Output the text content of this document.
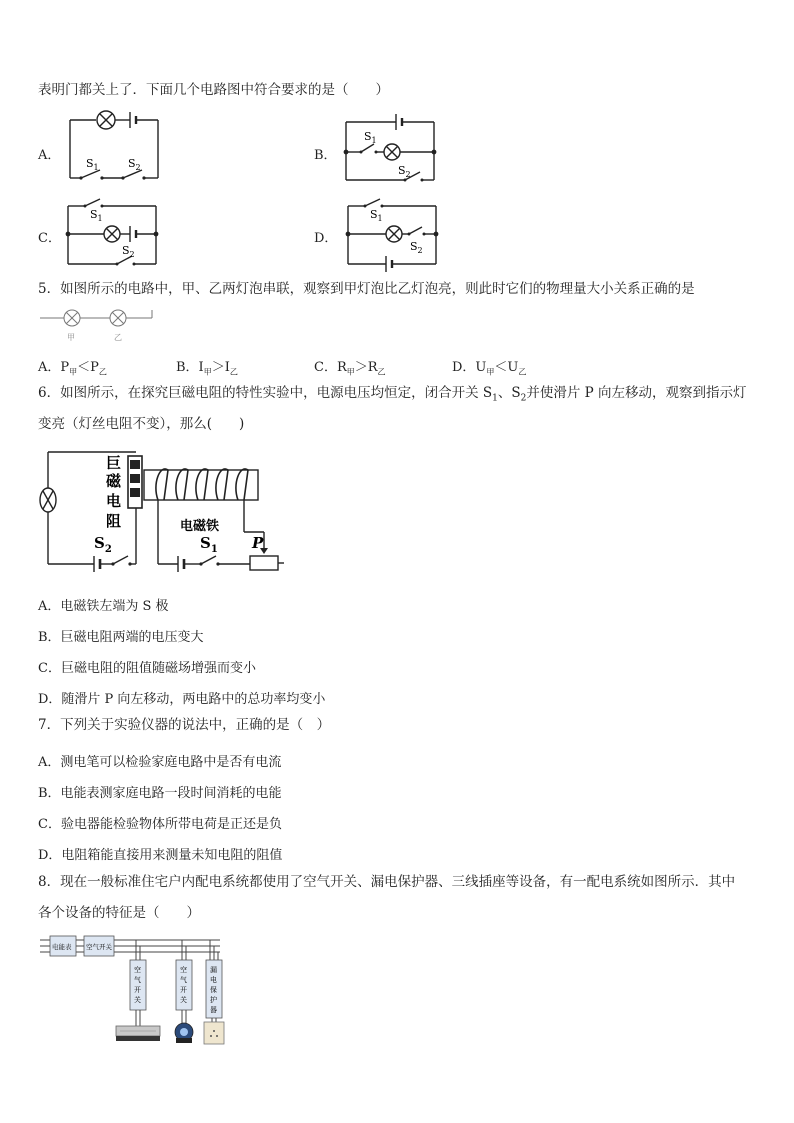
表明门都关上了．下面几个电路图中符合要求的是（　　）
A．	B．
C．	D．
$S_1$	$S_2$
$S_1$
$S_2$
$S_1$
$S_2$
$S_1$
$S_2$
5．如图所示的电路中，甲、乙两灯泡串联，观察到甲灯泡比乙灯泡亮，则此时它们的物理量大小关系正确的是
甲	乙
A．$P_甲<P_乙$	B．$I_甲>I_乙$	C．$R_甲>R_乙$	D．$U_甲<U_乙$
6．如图所示，在探究巨磁电阻的特性实验中，电源电压均恒定，闭合开关 $S_1$、$S_2$并使滑片 P 向左移动，观察到指示灯
变亮（灯丝电阻不变），那么(　　)
$S_2$
巨
磁
电
阻	电磁铁
$S_1$ P
A．电磁铁左端为 S 极
B．巨磁电阻两端的电压变大
C．巨磁电阻的阻值随磁场增强而变小
D．随滑片 P 向左移动，两电路中的总功率均变小
7．下列关于实验仪器的说法中，正确的是（　）
A．测电笔可以检验家庭电路中是否有电流
B．电能表测家庭电路一段时间消耗的电能
C．验电器能检验物体所带电荷是正还是负
D．电阻箱能直接用来测量未知电阻的阻值
8．现在一般标准住宅户内配电系统都使用了空气开关、漏电保护器、三线插座等设备，有一配电系统如图所示．其中
各个设备的特征是（　　）
电能表 空气开关
空
气
开
关
空
气
开
关
漏
电
保
护
器
